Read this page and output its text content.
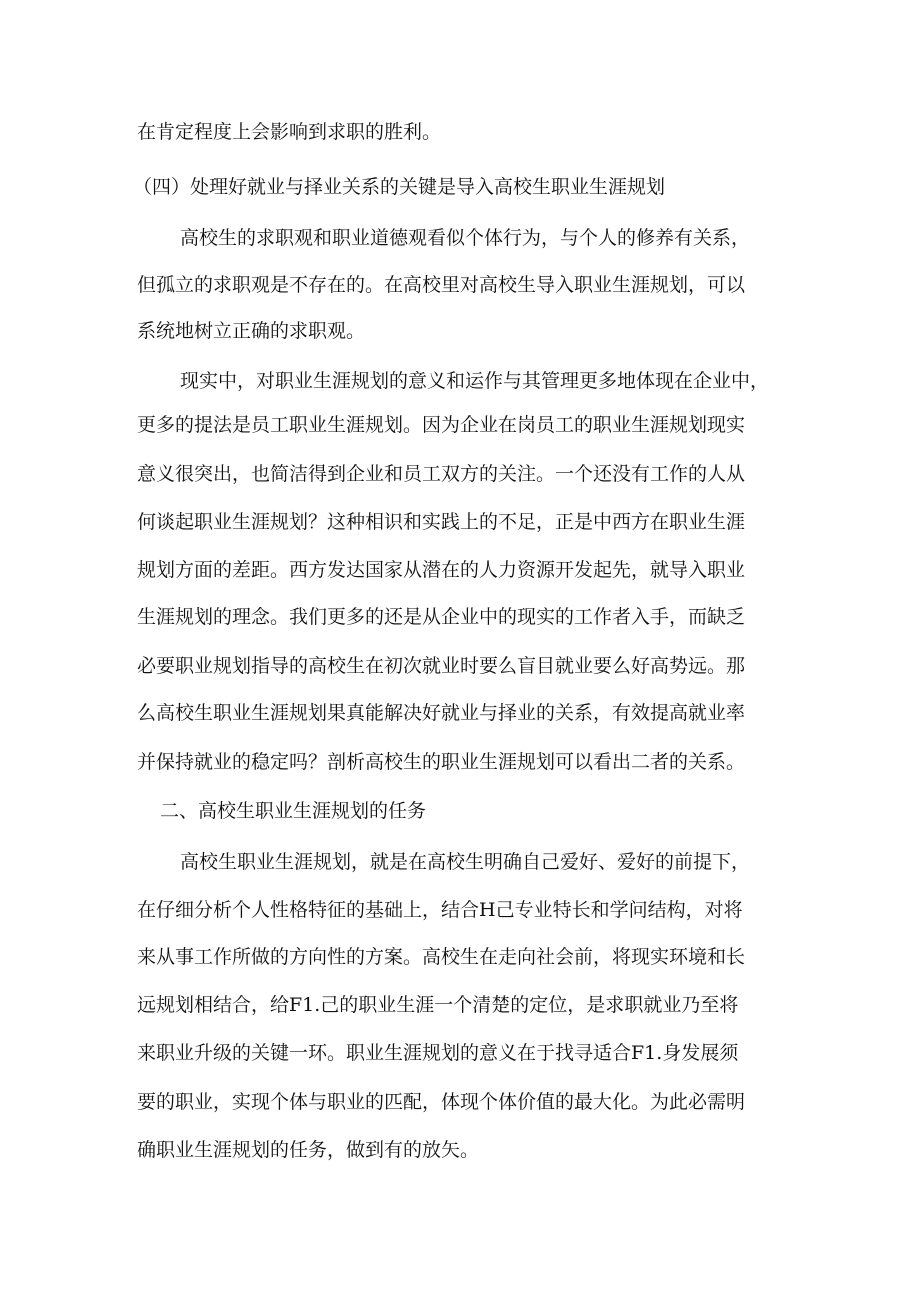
在肯定程度上会影响到求职的胜利。
（四）处理好就业与择业关系的关键是导入高校生职业生涯规划
高校生的求职观和职业道德观看似个体行为，与个人的修养有关系，
但孤立的求职观是不存在的。在高校里对高校生导入职业生涯规划，可以
系统地树立正确的求职观。
现实中，对职业生涯规划的意义和运作与其管理更多地体现在企业中，
更多的提法是员工职业生涯规划。因为企业在岗员工的职业生涯规划现实
意义很突出，也简洁得到企业和员工双方的关注。一个还没有工作的人从
何谈起职业生涯规划？这种相识和实践上的不足，正是中西方在职业生涯
规划方面的差距。西方发达国家从潜在的人力资源开发起先，就导入职业
生涯规划的理念。我们更多的还是从企业中的现实的工作者入手，而缺乏
必要职业规划指导的高校生在初次就业时要么盲目就业要么好高势远。那
么高校生职业生涯规划果真能解决好就业与择业的关系，有效提高就业率
并保持就业的稳定吗？剖析高校生的职业生涯规划可以看出二者的关系。
二、高校生职业生涯规划的任务
高校生职业生涯规划，就是在高校生明确自己爱好、爱好的前提下，
在仔细分析个人性格特征的基础上，结合H己专业特长和学问结构，对将
来从事工作所做的方向性的方案。高校生在走向社会前，将现实环境和长
远规划相结合，给F1.己的职业生涯一个清楚的定位，是求职就业乃至将
来职业升级的关键一环。职业生涯规划的意义在于找寻适合F1.身发展须
要的职业，实现个体与职业的匹配，体现个体价值的最大化。为此必需明
确职业生涯规划的任务，做到有的放矢。
